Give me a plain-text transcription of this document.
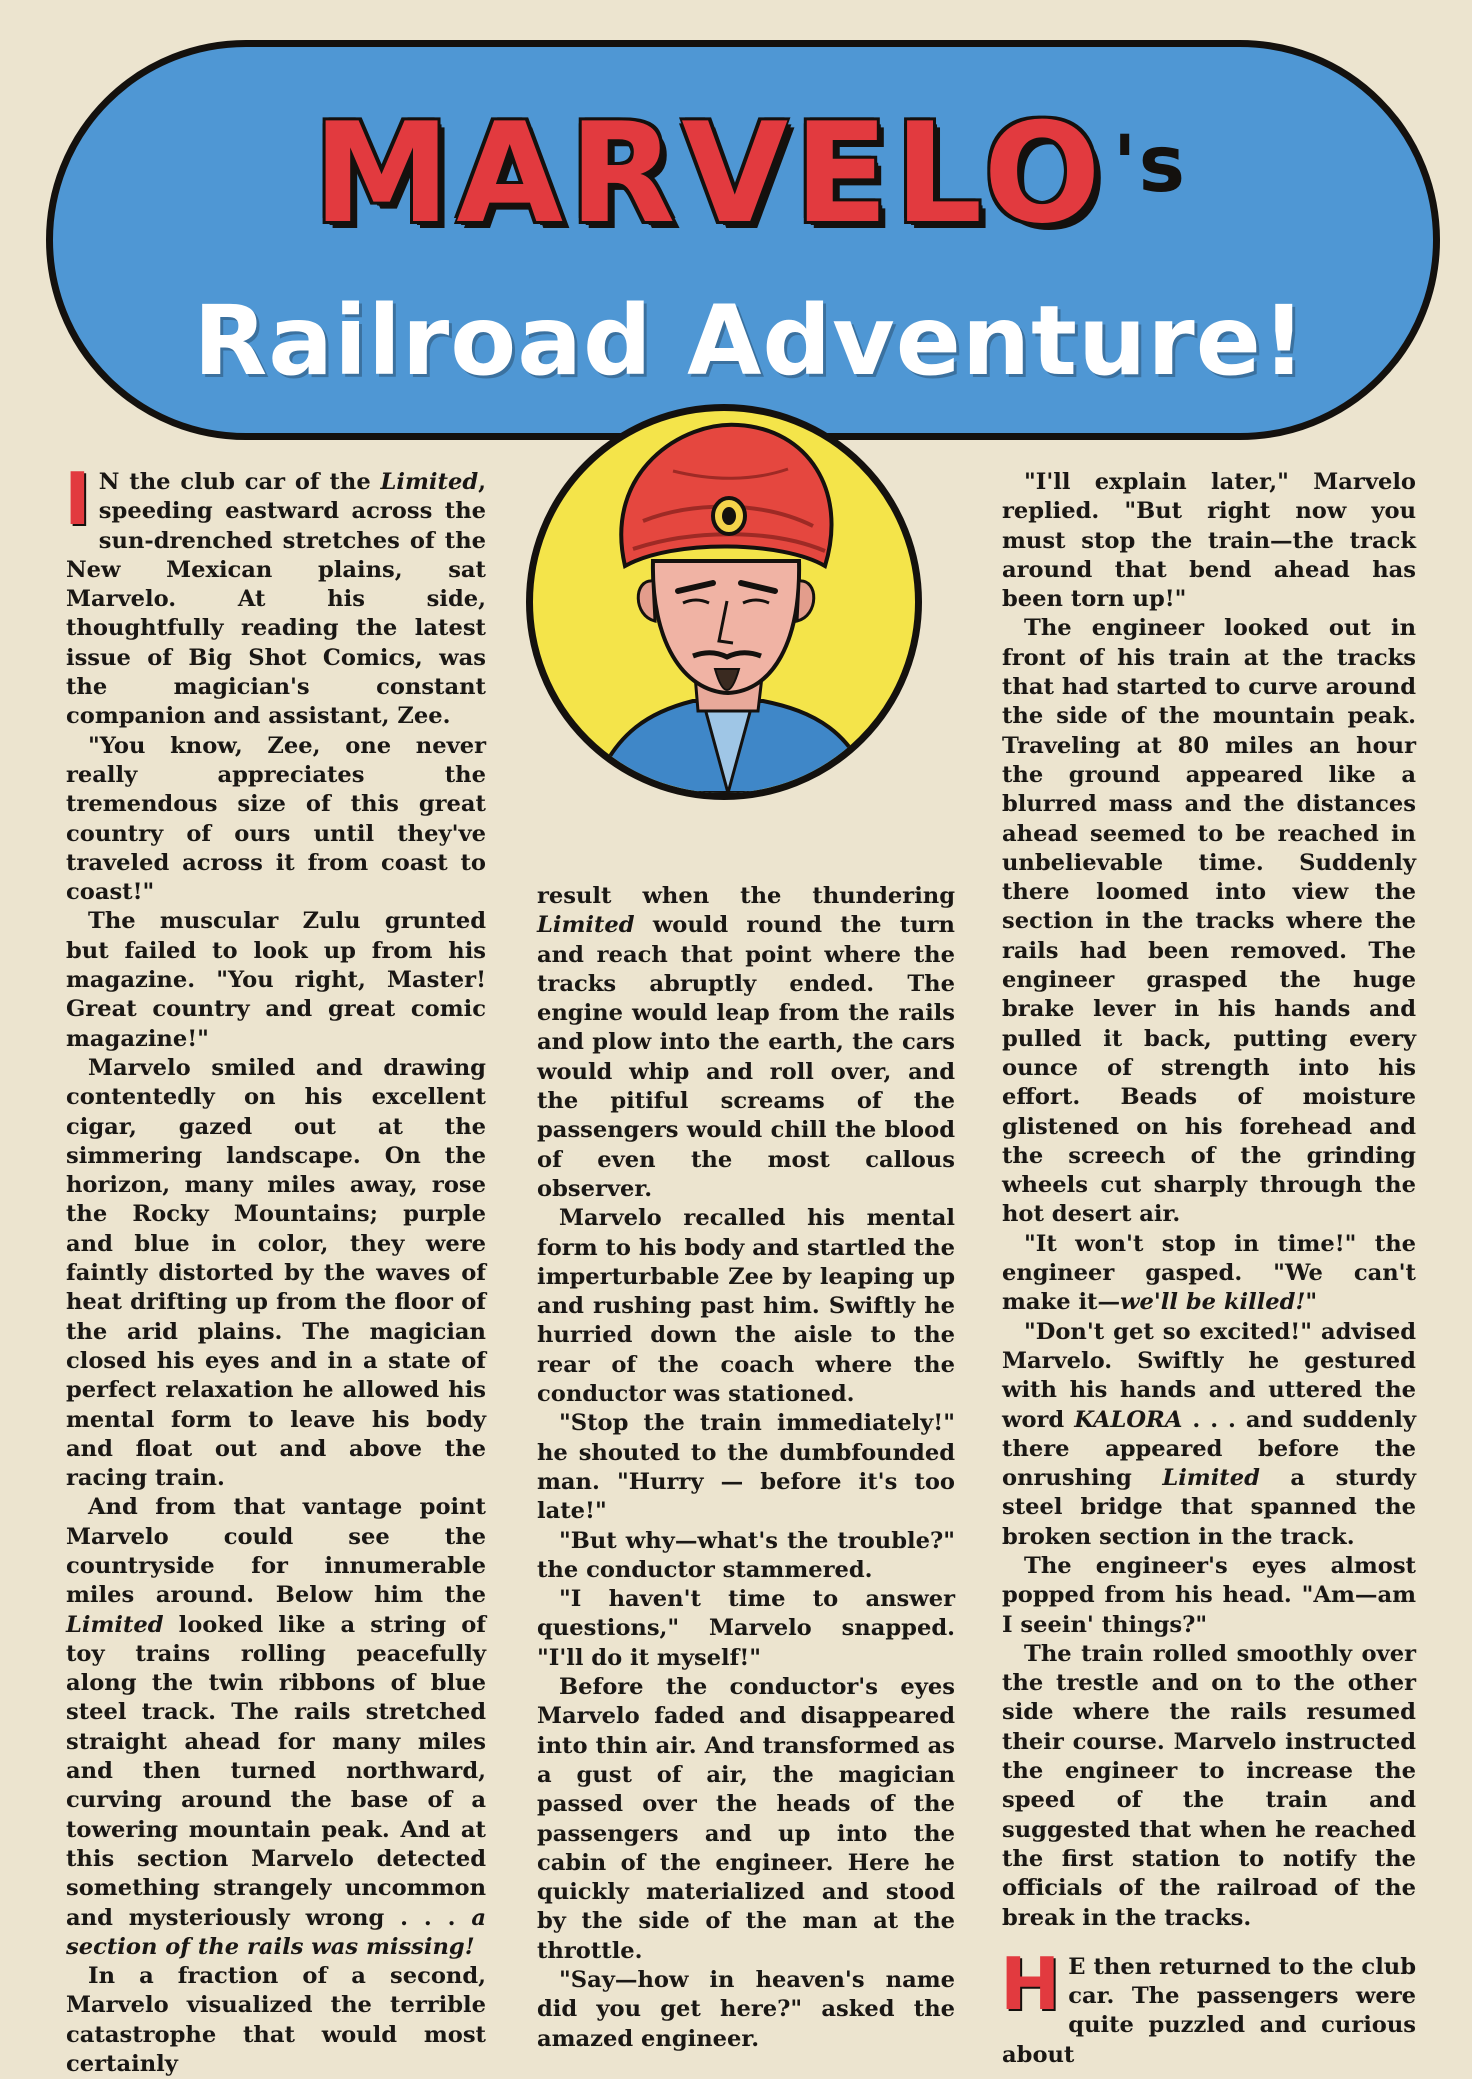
$MARVELO^{'s}$
Railroad Adventure!

I N the club car of the Limited, speeding eastward across the sun-drenched stretches of the New Mexican plains, sat Marvelo. At his side, thoughtfully reading the latest issue of Big Shot Comics, was the magician's constant companion and assistant, Zee.

"You know, Zee, one never really appreciates the tremendous size of this great country of ours until they've traveled across it from coast to coast!"

The muscular Zulu grunted but failed to look up from his magazine. "You right, Master! Great country and great comic magazine!"

Marvelo smiled and drawing contentedly on his excellent cigar, gazed out at the simmering landscape. On the horizon, many miles away, rose the Rocky Mountains; purple and blue in color, they were faintly distorted by the waves of heat drifting up from the floor of the arid plains. The magician closed his eyes and in a state of perfect relaxation he allowed his mental form to leave his body and float out and above the racing train.

And from that vantage point Marvelo could see the countryside for innumerable miles around. Below him the Limited looked like a string of toy trains rolling peacefully along the twin ribbons of blue steel track. The rails stretched straight ahead for many miles and then turned northward, curving around the base of a towering mountain peak. And at this section Marvelo detected something strangely uncommon and mysteriously wrong . . . a section of the rails was missing!

In a fraction of a second, Marvelo visualized the terrible catastrophe that would most certainly

result when the thundering Limited would round the turn and reach that point where the tracks abruptly ended. The engine would leap from the rails and plow into the earth, the cars would whip and roll over, and the pitiful screams of the passengers would chill the blood of even the most callous observer.

Marvelo recalled his mental form to his body and startled the imperturbable Zee by leaping up and rushing past him. Swiftly he hurried down the aisle to the rear of the coach where the conductor was stationed.

"Stop the train immediately!" he shouted to the dumbfounded man. "Hurry — before it's too late!"

"But why—what's the trouble?" the conductor stammered.

"I haven't time to answer questions," Marvelo snapped. "I'll do it myself!"

Before the conductor's eyes Marvelo faded and disappeared into thin air. And transformed as a gust of air, the magician passed over the heads of the passengers and up into the cabin of the engineer. Here he quickly materialized and stood by the side of the man at the throttle.

"Say—how in heaven's name did you get here?" asked the amazed engineer.

"I'll explain later," Marvelo replied. "But right now you must stop the train—the track around that bend ahead has been torn up!"

The engineer looked out in front of his train at the tracks that had started to curve around the side of the mountain peak. Traveling at 80 miles an hour the ground appeared like a blurred mass and the distances ahead seemed to be reached in unbelievable time. Suddenly there loomed into view the section in the tracks where the rails had been removed. The engineer grasped the huge brake lever in his hands and pulled it back, putting every ounce of strength into his effort. Beads of moisture glistened on his forehead and the screech of the grinding wheels cut sharply through the hot desert air.

"It won't stop in time!" the engineer gasped. "We can't make it—we'll be killed!"

"Don't get so excited!" advised Marvelo. Swiftly he gestured with his hands and uttered the word KALORA . . . and suddenly there appeared before the onrushing Limited a sturdy steel bridge that spanned the broken section in the track.

The engineer's eyes almost popped from his head. "Am—am I seein' things?"

The train rolled smoothly over the trestle and on to the other side where the rails resumed their course. Marvelo instructed the engineer to increase the speed of the train and suggested that when he reached the first station to notify the officials of the railroad of the break in the tracks.

H E then returned to the club car. The passengers were quite puzzled and curious about
